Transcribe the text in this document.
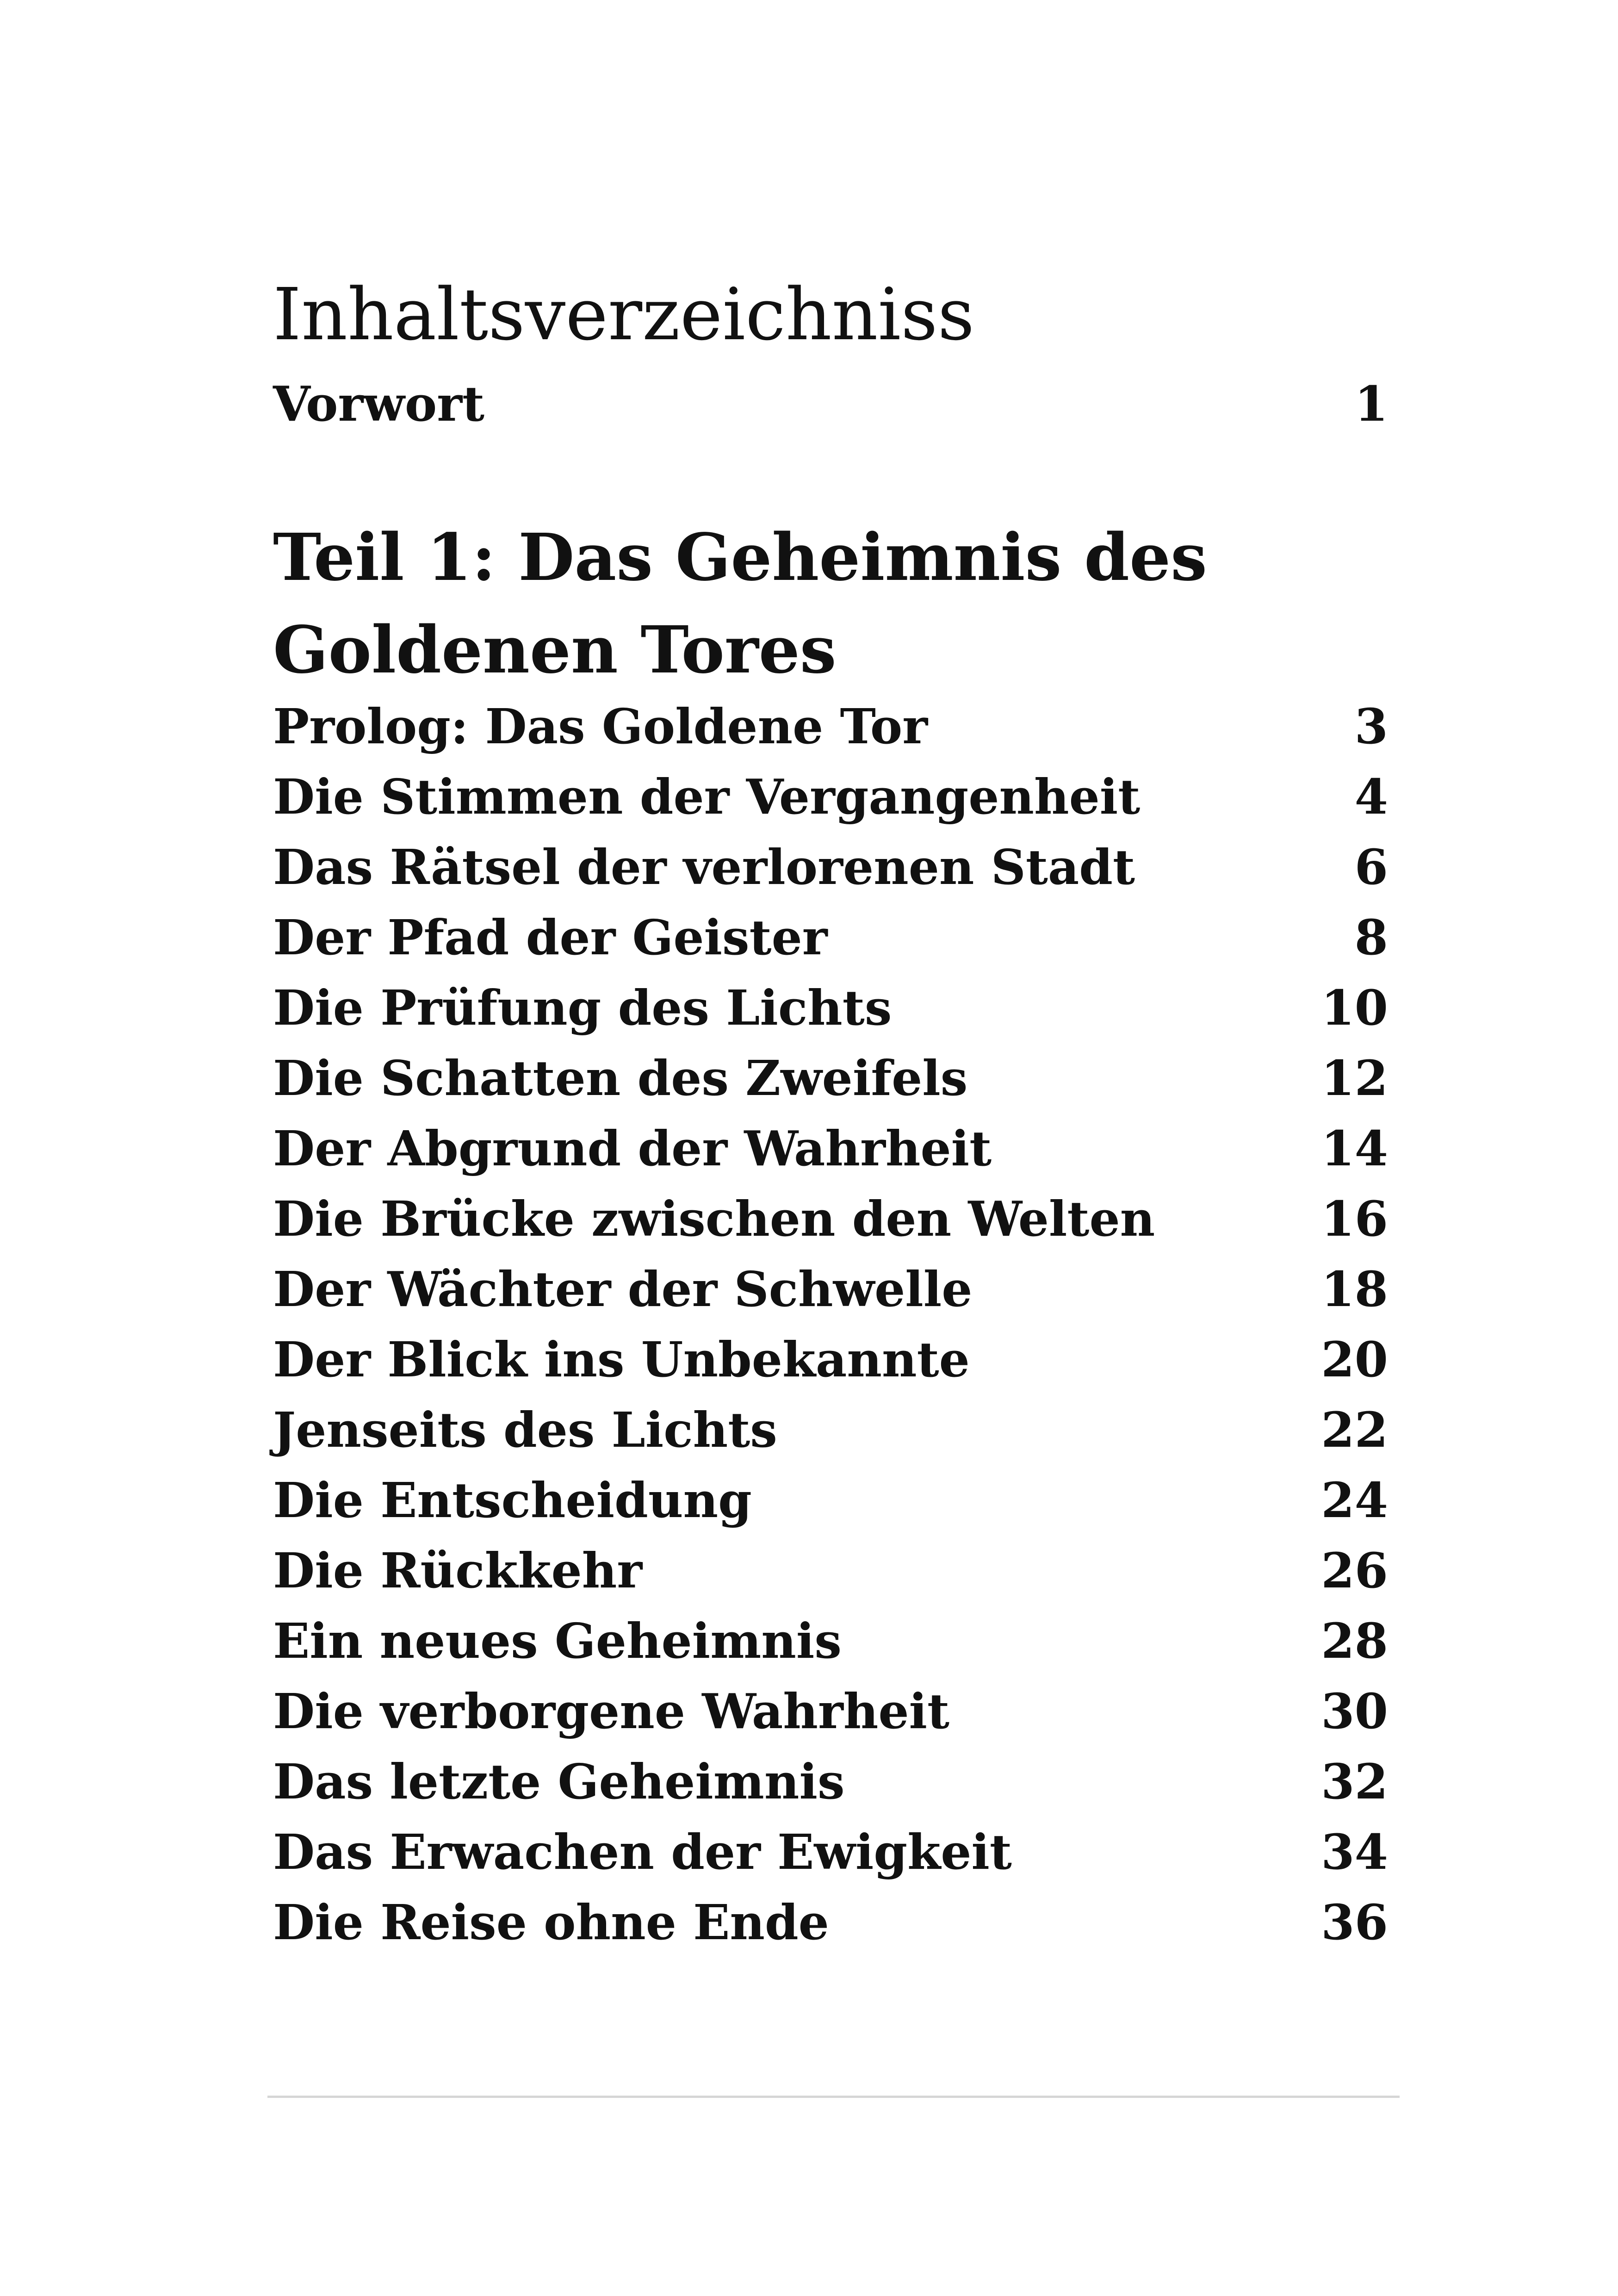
Inhaltsverzeichniss
Vorwort	1
Teil 1: Das Geheimnis des
Goldenen Tores
Prolog: Das Goldene Tor	3
Die Stimmen der Vergangenheit	4
Das Rätsel der verlorenen Stadt	6
Der Pfad der Geister	8
Die Prüfung des Lichts	10
Die Schatten des Zweifels	12
Der Abgrund der Wahrheit	14
Die Brücke zwischen den Welten	16
Der Wächter der Schwelle	18
Der Blick ins Unbekannte	20
Jenseits des Lichts	22
Die Entscheidung	24
Die Rückkehr	26
Ein neues Geheimnis	28
Die verborgene Wahrheit	30
Das letzte Geheimnis	32
Das Erwachen der Ewigkeit	34
Die Reise ohne Ende	36
